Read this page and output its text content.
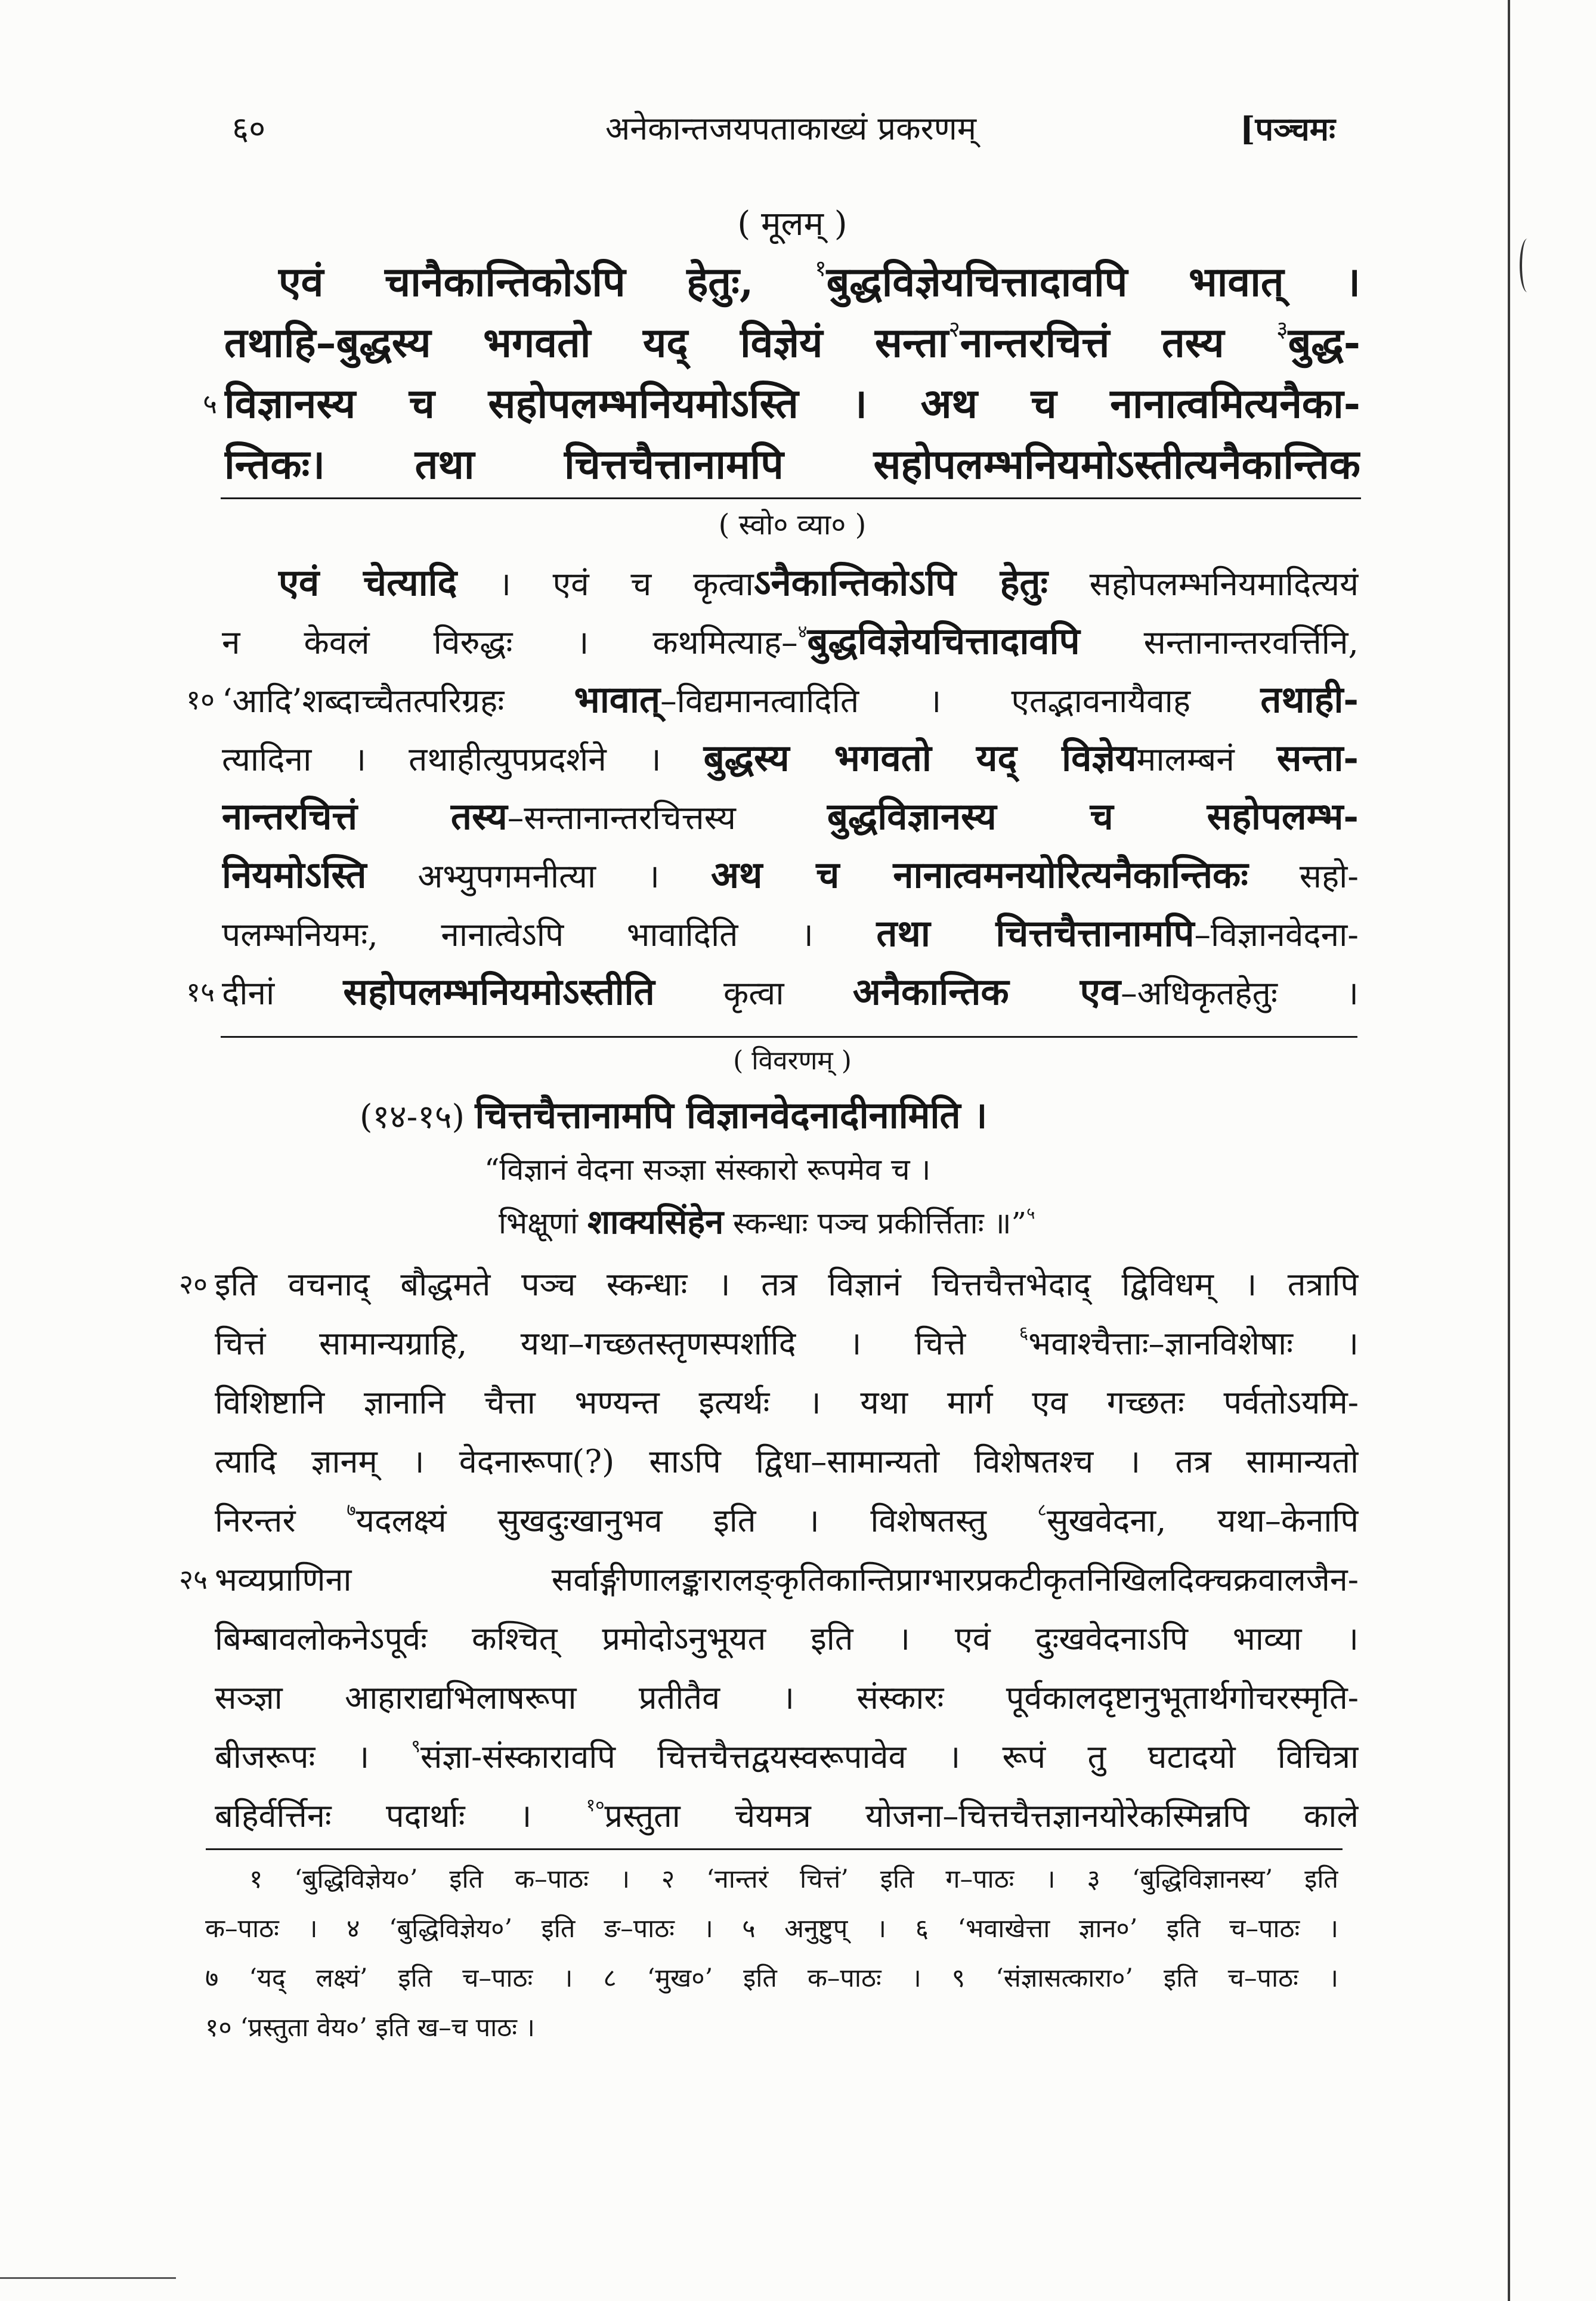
६०	अनेकान्तजयपताकाख्यं प्रकरणम्	[पञ्चमः
( मूलम् )
एवं चानैकान्तिकोऽपि हेतुः, $^१$बुद्धविज्ञेयचित्तादावपि भावात् ।
तथाहि–बुद्धस्य भगवतो यद् विज्ञेयं सन्ता$^२$नान्तरचित्तं तस्य $^३$बुद्ध-
५ विज्ञानस्य च सहोपलम्भनियमोऽस्ति । अथ च नानात्वमित्यनैका-
न्तिकः। तथा चित्तचैत्तानामपि सहोपलम्भनियमोऽस्तीत्यनैकान्तिक
( स्वो० व्या० )
एवं चेत्यादि । एवं च कृत्वाऽनैकान्तिकोऽपि हेतुः सहोपलम्भनियमादित्ययं
न केवलं विरुद्धः । कथमित्याह–$^४$बुद्धविज्ञेयचित्तादावपि सन्तानान्तरवर्त्तिनि,
१० ‘आदि’शब्दाच्चैतत्परिग्रहः भावात्–विद्यमानत्वादिति । एतद्भावनायैवाह तथाही-
त्यादिना । तथाहीत्युपप्रदर्शने । बुद्धस्य भगवतो यद् विज्ञेयमालम्बनं सन्ता-
नान्तरचित्तं तस्य–सन्तानान्तरचित्तस्य बुद्धविज्ञानस्य च सहोपलम्भ-
नियमोऽस्ति अभ्युपगमनीत्या । अथ च नानात्वमनयोरित्यनैकान्तिकः सहो-
पलम्भनियमः, नानात्वेऽपि भावादिति । तथा चित्तचैत्तानामपि–विज्ञानवेदना-
१५ दीनां सहोपलम्भनियमोऽस्तीति कृत्वा अनैकान्तिक एव–अधिकृतहेतुः ।
( विवरणम् )
(१४-१५) चित्तचैत्तानामपि विज्ञानवेदनादीनामिति ।
“विज्ञानं वेदना सञ्ज्ञा संस्कारो रूपमेव च ।
भिक्षूणां शाक्यसिंहेन स्कन्धाः पञ्च प्रकीर्त्तिताः ॥”$^५$
२० इति वचनाद् बौद्धमते पञ्च स्कन्धाः । तत्र विज्ञानं चित्तचैत्तभेदाद् द्विविधम् । तत्रापि
चित्तं सामान्यग्राहि, यथा–गच्छतस्तृणस्पर्शादि । चित्ते $^६$भवाश्चैत्ताः–ज्ञानविशेषाः ।
विशिष्टानि ज्ञानानि चैत्ता भण्यन्त इत्यर्थः । यथा मार्ग एव गच्छतः पर्वतोऽयमि-
त्यादि ज्ञानम् । वेदनारूपा(?) साऽपि द्विधा–सामान्यतो विशेषतश्च । तत्र सामान्यतो
निरन्तरं $^७$यदलक्ष्यं सुखदुःखानुभव इति । विशेषतस्तु $^८$सुखवेदना, यथा–केनापि
२५ भव्यप्राणिना सर्वाङ्गीणालङ्कारालङ्कृतिकान्तिप्राग्भारप्रकटीकृतनिखिलदिक्चक्रवालजैन-
बिम्बावलोकनेऽपूर्वः कश्चित् प्रमोदोऽनुभूयत इति । एवं दुःखवेदनाऽपि भाव्या ।
सञ्ज्ञा आहाराद्यभिलाषरूपा प्रतीतैव । संस्कारः पूर्वकालदृष्टानुभूतार्थगोचरस्मृति-
बीजरूपः । $^९$संज्ञा-संस्कारावपि चित्तचैत्तद्वयस्वरूपावेव । रूपं तु घटादयो विचित्रा
बहिर्वर्त्तिनः पदार्थाः । $^{१०}$प्रस्तुता चेयमत्र योजना–चित्तचैत्तज्ञानयोरेकस्मिन्नपि काले
१ ‘बुद्धिविज्ञेय०’ इति क–पाठः । २ ‘नान्तरं चित्तं’ इति ग–पाठः । ३ ‘बुद्धिविज्ञानस्य’ इति
क–पाठः । ४ ‘बुद्धिविज्ञेय०’ इति ङ–पाठः । ५ अनुष्टुप् । ६ ‘भवाखेत्ता ज्ञान०’ इति च–पाठः ।
७ ‘यद् लक्ष्यं’ इति च–पाठः । ८ ‘मुख०’ इति क–पाठः । ९ ‘संज्ञासत्कारा०’ इति च–पाठः ।
१० ‘प्रस्तुता वेय०’ इति ख–च पाठः ।
